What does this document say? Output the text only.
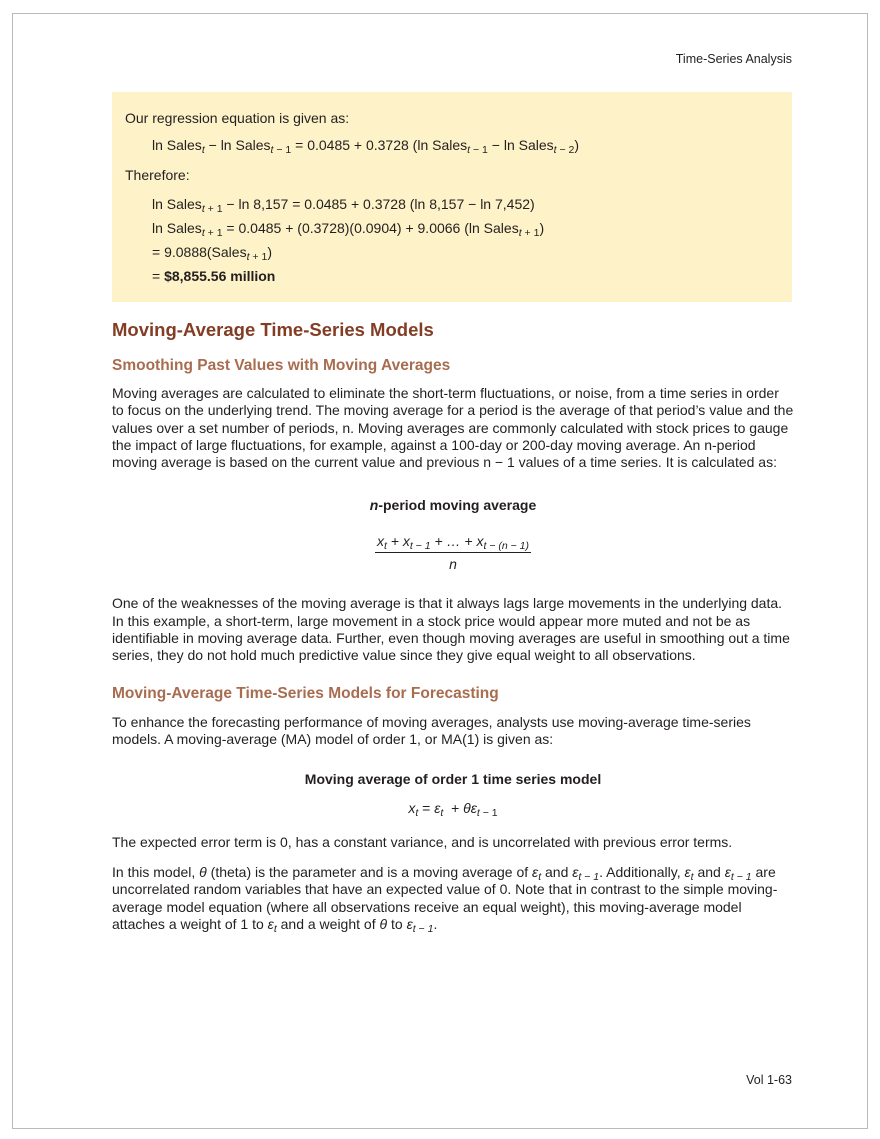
Time-Series Analysis

Our regression equation is given as:

ln Sales$_t$ − ln Sales$_{t - 1}$ = 0.0485 + 0.3728 (ln Sales$_{t - 1}$ − ln Sales$_{t - 2}$)

Therefore:

ln Sales$_{t + 1}$ − ln 8,157 = 0.0485 + 0.3728 (ln 8,157 − ln 7,452)

ln Sales$_{t + 1}$ = 0.0485 + (0.3728)(0.0904) + 9.0066 (ln Sales$_{t + 1}$)

= 9.0888(Sales$_{t + 1}$)

= $8,855.56 million

Moving-Average Time-Series Models
Smoothing Past Values with Moving Averages

Moving averages are calculated to eliminate the short-term fluctuations, or noise, from a time series in order to focus on the underlying trend. The moving average for a period is the average of that period’s value and the values over a set number of periods, n. Moving averages are commonly calculated with stock prices to gauge the impact of large fluctuations, for example, against a 100-day or 200-day moving average. An n-period moving average is based on the current value and previous n − 1 values of a time series. It is calculated as:

n-period moving average

$\frac{x_t + x_{t - 1} + \dots + x_{t - (n - 1)}}{n}$

One of the weaknesses of the moving average is that it always lags large movements in the underlying data. In this example, a short-term, large movement in a stock price would appear more muted and not be as identifiable in moving average data. Further, even though moving averages are useful in smoothing out a time series, they do not hold much predictive value since they give equal weight to all observations.

Moving-Average Time-Series Models for Forecasting

To enhance the forecasting performance of moving averages, analysts use moving-average time-series models. A moving-average (MA) model of order 1, or MA(1) is given as:

Moving average of order 1 time series model

$x_t = \varepsilon_t + \theta\varepsilon_t$ $_{- 1}$

The expected error term is 0, has a constant variance, and is uncorrelated with previous error terms.

In this model, θ (theta) is the parameter and is a moving average of $\varepsilon_t$ and $\varepsilon_{t - 1}$. Additionally, $\varepsilon_t$ and $\varepsilon_{t - 1}$ are uncorrelated random variables that have an expected value of 0. Note that in contrast to the simple moving-average model equation (where all observations receive an equal weight), this moving-average model attaches a weight of 1 to $\varepsilon_t$ and a weight of θ to $\varepsilon_{t - 1}$.

Vol 1-63
